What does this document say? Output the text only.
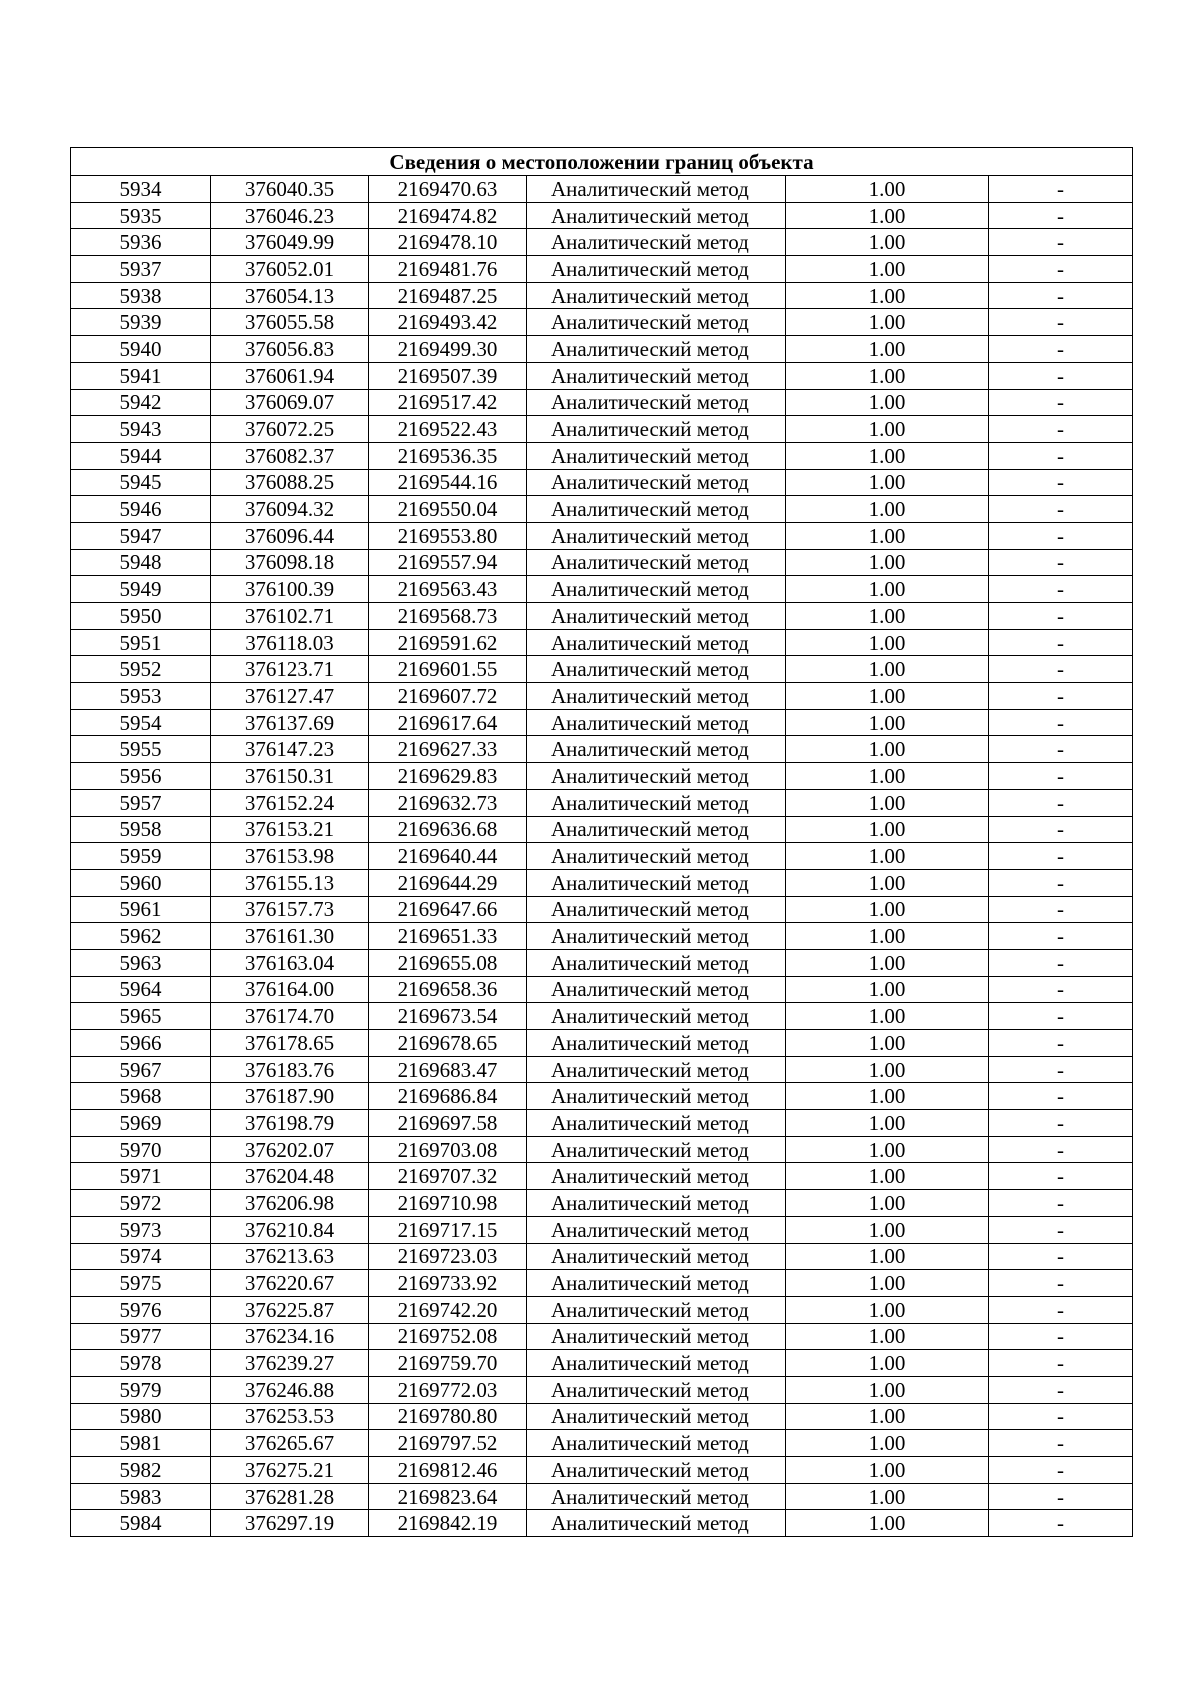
Сведения о местоположении границ объекта					
5934	376040.35	2169470.63	Аналитический метод	1.00	-
5935	376046.23	2169474.82	Аналитический метод	1.00	-
5936	376049.99	2169478.10	Аналитический метод	1.00	-
5937	376052.01	2169481.76	Аналитический метод	1.00	-
5938	376054.13	2169487.25	Аналитический метод	1.00	-
5939	376055.58	2169493.42	Аналитический метод	1.00	-
5940	376056.83	2169499.30	Аналитический метод	1.00	-
5941	376061.94	2169507.39	Аналитический метод	1.00	-
5942	376069.07	2169517.42	Аналитический метод	1.00	-
5943	376072.25	2169522.43	Аналитический метод	1.00	-
5944	376082.37	2169536.35	Аналитический метод	1.00	-
5945	376088.25	2169544.16	Аналитический метод	1.00	-
5946	376094.32	2169550.04	Аналитический метод	1.00	-
5947	376096.44	2169553.80	Аналитический метод	1.00	-
5948	376098.18	2169557.94	Аналитический метод	1.00	-
5949	376100.39	2169563.43	Аналитический метод	1.00	-
5950	376102.71	2169568.73	Аналитический метод	1.00	-
5951	376118.03	2169591.62	Аналитический метод	1.00	-
5952	376123.71	2169601.55	Аналитический метод	1.00	-
5953	376127.47	2169607.72	Аналитический метод	1.00	-
5954	376137.69	2169617.64	Аналитический метод	1.00	-
5955	376147.23	2169627.33	Аналитический метод	1.00	-
5956	376150.31	2169629.83	Аналитический метод	1.00	-
5957	376152.24	2169632.73	Аналитический метод	1.00	-
5958	376153.21	2169636.68	Аналитический метод	1.00	-
5959	376153.98	2169640.44	Аналитический метод	1.00	-
5960	376155.13	2169644.29	Аналитический метод	1.00	-
5961	376157.73	2169647.66	Аналитический метод	1.00	-
5962	376161.30	2169651.33	Аналитический метод	1.00	-
5963	376163.04	2169655.08	Аналитический метод	1.00	-
5964	376164.00	2169658.36	Аналитический метод	1.00	-
5965	376174.70	2169673.54	Аналитический метод	1.00	-
5966	376178.65	2169678.65	Аналитический метод	1.00	-
5967	376183.76	2169683.47	Аналитический метод	1.00	-
5968	376187.90	2169686.84	Аналитический метод	1.00	-
5969	376198.79	2169697.58	Аналитический метод	1.00	-
5970	376202.07	2169703.08	Аналитический метод	1.00	-
5971	376204.48	2169707.32	Аналитический метод	1.00	-
5972	376206.98	2169710.98	Аналитический метод	1.00	-
5973	376210.84	2169717.15	Аналитический метод	1.00	-
5974	376213.63	2169723.03	Аналитический метод	1.00	-
5975	376220.67	2169733.92	Аналитический метод	1.00	-
5976	376225.87	2169742.20	Аналитический метод	1.00	-
5977	376234.16	2169752.08	Аналитический метод	1.00	-
5978	376239.27	2169759.70	Аналитический метод	1.00	-
5979	376246.88	2169772.03	Аналитический метод	1.00	-
5980	376253.53	2169780.80	Аналитический метод	1.00	-
5981	376265.67	2169797.52	Аналитический метод	1.00	-
5982	376275.21	2169812.46	Аналитический метод	1.00	-
5983	376281.28	2169823.64	Аналитический метод	1.00	-
5984	376297.19	2169842.19	Аналитический метод	1.00	-
